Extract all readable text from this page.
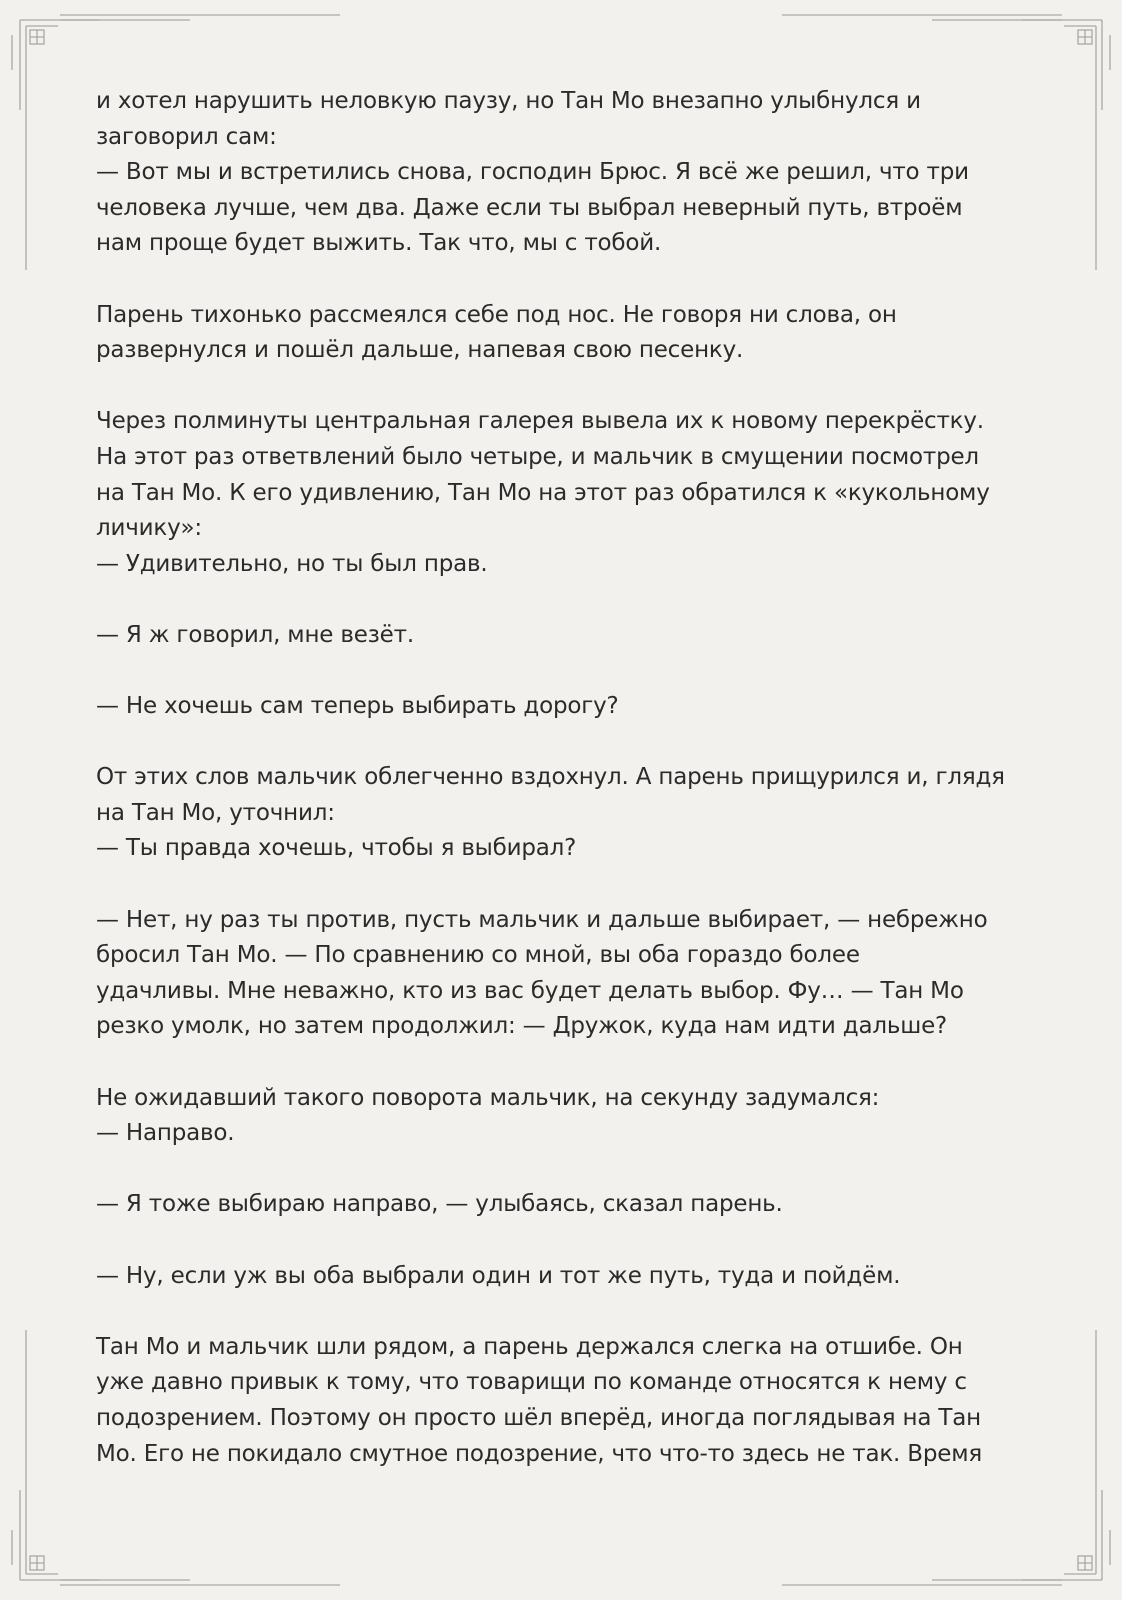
и хотел нарушить неловкую паузу, но Тан Мо внезапно улыбнулся и
заговорил сам:
— Вот мы и встретились снова, господин Брюс. Я всё же решил, что три
человека лучше, чем два. Даже если ты выбрал неверный путь, втроём
нам проще будет выжить. Так что, мы с тобой.

Парень тихонько рассмеялся себе под нос. Не говоря ни слова, он
развернулся и пошёл дальше, напевая свою песенку.

Через полминуты центральная галерея вывела их к новому перекрёстку.
На этот раз ответвлений было четыре, и мальчик в смущении посмотрел
на Тан Мо. К его удивлению, Тан Мо на этот раз обратился к «кукольному
личику»:
— Удивительно, но ты был прав.

— Я ж говорил, мне везёт.

— Не хочешь сам теперь выбирать дорогу?

От этих слов мальчик облегченно вздохнул. А парень прищурился и, глядя
на Тан Мо, уточнил:
— Ты правда хочешь, чтобы я выбирал?

— Нет, ну раз ты против, пусть мальчик и дальше выбирает, — небрежно
бросил Тан Мо. — По сравнению со мной, вы оба гораздо более
удачливы. Мне неважно, кто из вас будет делать выбор. Фу… — Тан Мо
резко умолк, но затем продолжил: — Дружок, куда нам идти дальше?

Не ожидавший такого поворота мальчик, на секунду задумался:
— Направо.

— Я тоже выбираю направо, — улыбаясь, сказал парень.

— Ну, если уж вы оба выбрали один и тот же путь, туда и пойдём.

Тан Мо и мальчик шли рядом, а парень держался слегка на отшибе. Он
уже давно привык к тому, что товарищи по команде относятся к нему с
подозрением. Поэтому он просто шёл вперёд, иногда поглядывая на Тан
Мо. Его не покидало смутное подозрение, что что-то здесь не так. Время
